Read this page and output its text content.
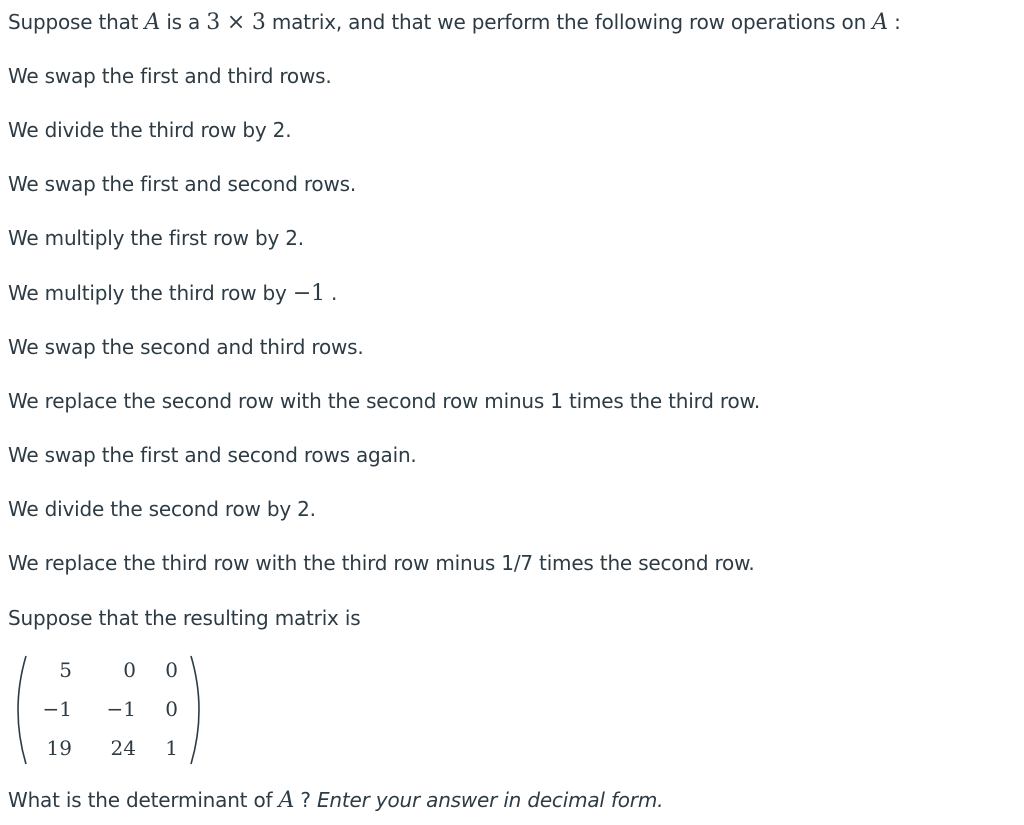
Suppose that A is a 3 × 3 matrix, and that we perform the following row operations on A :
We swap the first and third rows.
We divide the third row by 2.
We swap the first and second rows.
We multiply the first row by 2.
We multiply the third row by −1 .
We swap the second and third rows.
We replace the second row with the second row minus 1 times the third row.
We swap the first and second rows again.
We divide the second row by 2.
We replace the third row with the third row minus 1/7 times the second row.
Suppose that the resulting matrix is
What is the determinant of A ? Enter your answer in decimal form.
5	0	0
−1	−1	0
19	24	1
